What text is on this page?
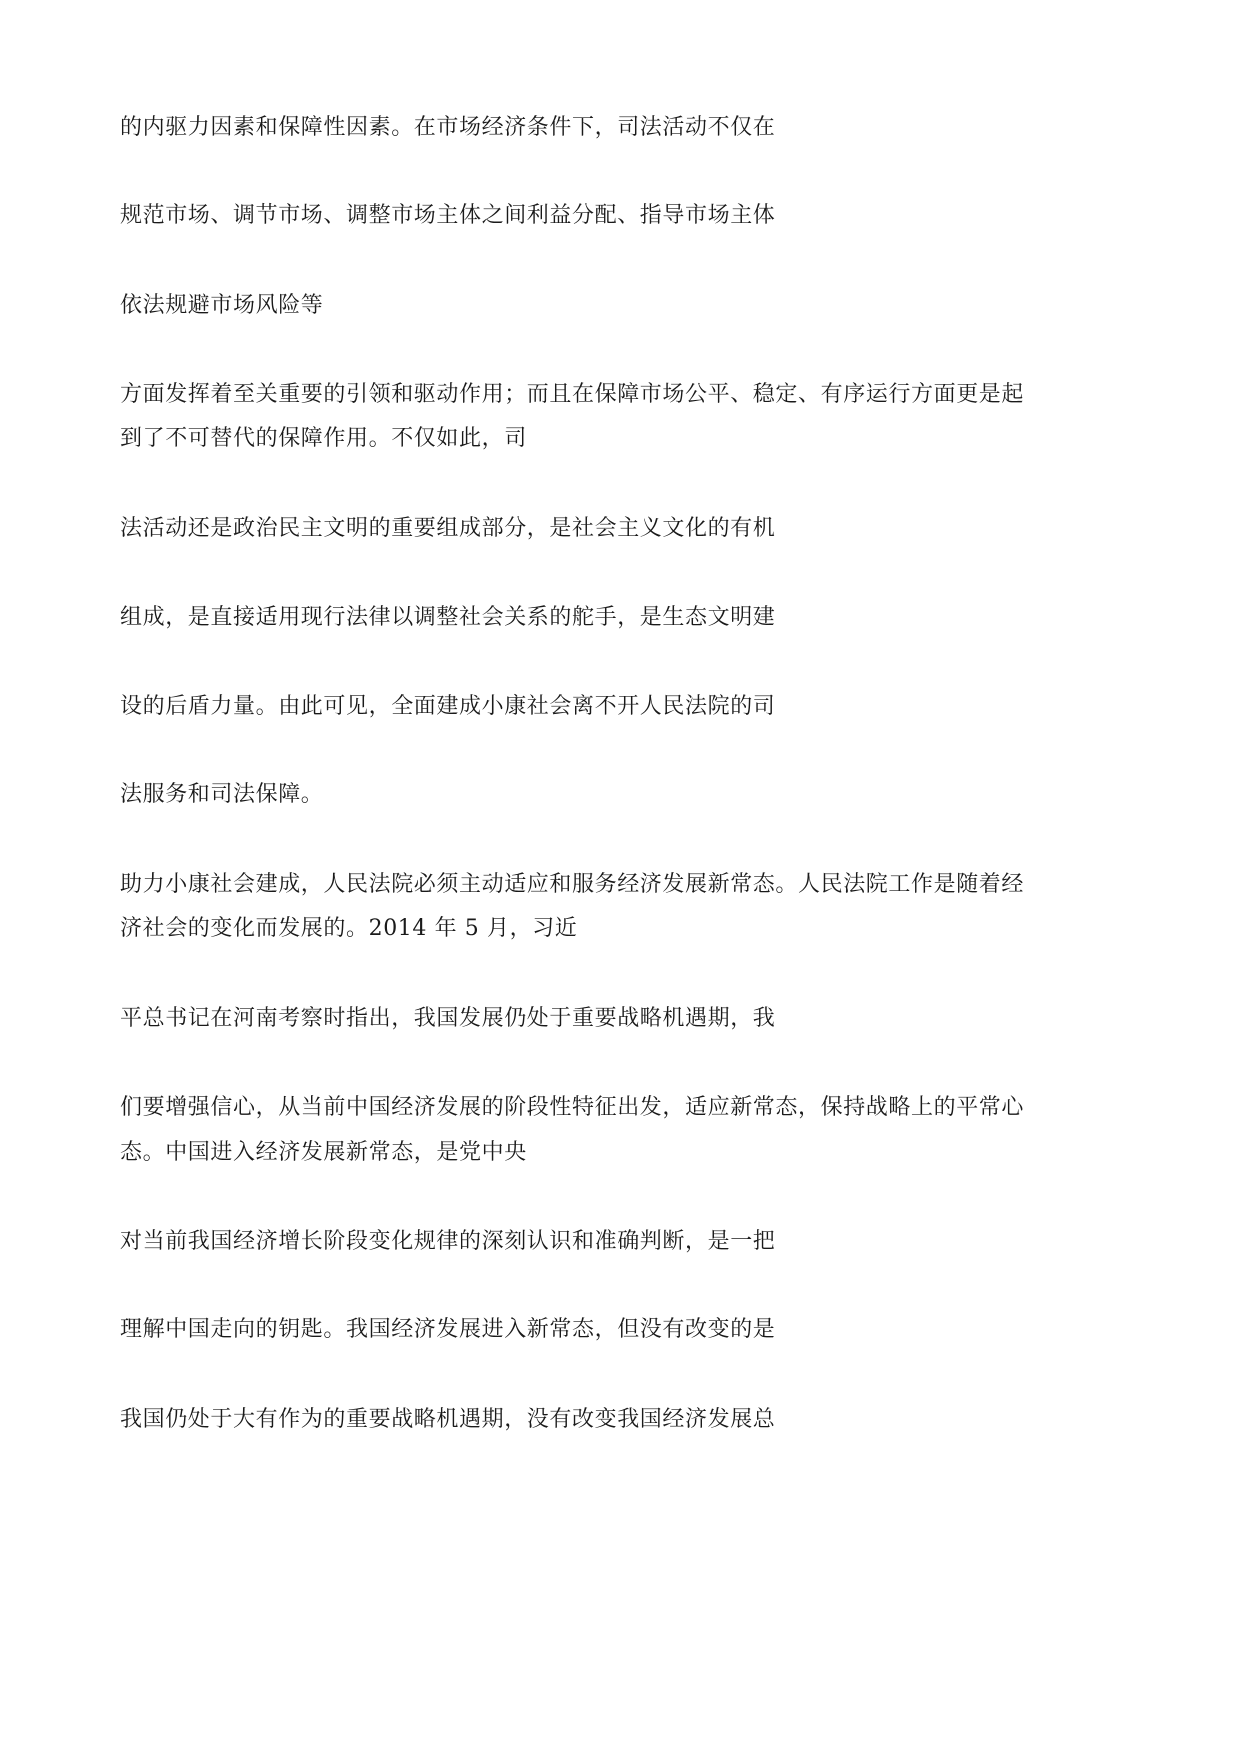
的内驱力因素和保障性因素。在市场经济条件下，司法活动不仅在

规范市场、调节市场、调整市场主体之间利益分配、指导市场主体

依法规避市场风险等

方面发挥着至关重要的引领和驱动作用；而且在保障市场公平、稳定、有序运行方面更是起

到了不可替代的保障作用。不仅如此，司

法活动还是政治民主文明的重要组成部分，是社会主义文化的有机

组成，是直接适用现行法律以调整社会关系的舵手，是生态文明建

设的后盾力量。由此可见，全面建成小康社会离不开人民法院的司

法服务和司法保障。

助力小康社会建成，人民法院必须主动适应和服务经济发展新常态。人民法院工作是随着经

济社会的变化而发展的。2014 年 5 月，习近

平总书记在河南考察时指出，我国发展仍处于重要战略机遇期，我

们要增强信心，从当前中国经济发展的阶段性特征出发，适应新常态，保持战略上的平常心

态。中国进入经济发展新常态，是党中央

对当前我国经济增长阶段变化规律的深刻认识和准确判断，是一把

理解中国走向的钥匙。我国经济发展进入新常态，但没有改变的是

我国仍处于大有作为的重要战略机遇期，没有改变我国经济发展总
